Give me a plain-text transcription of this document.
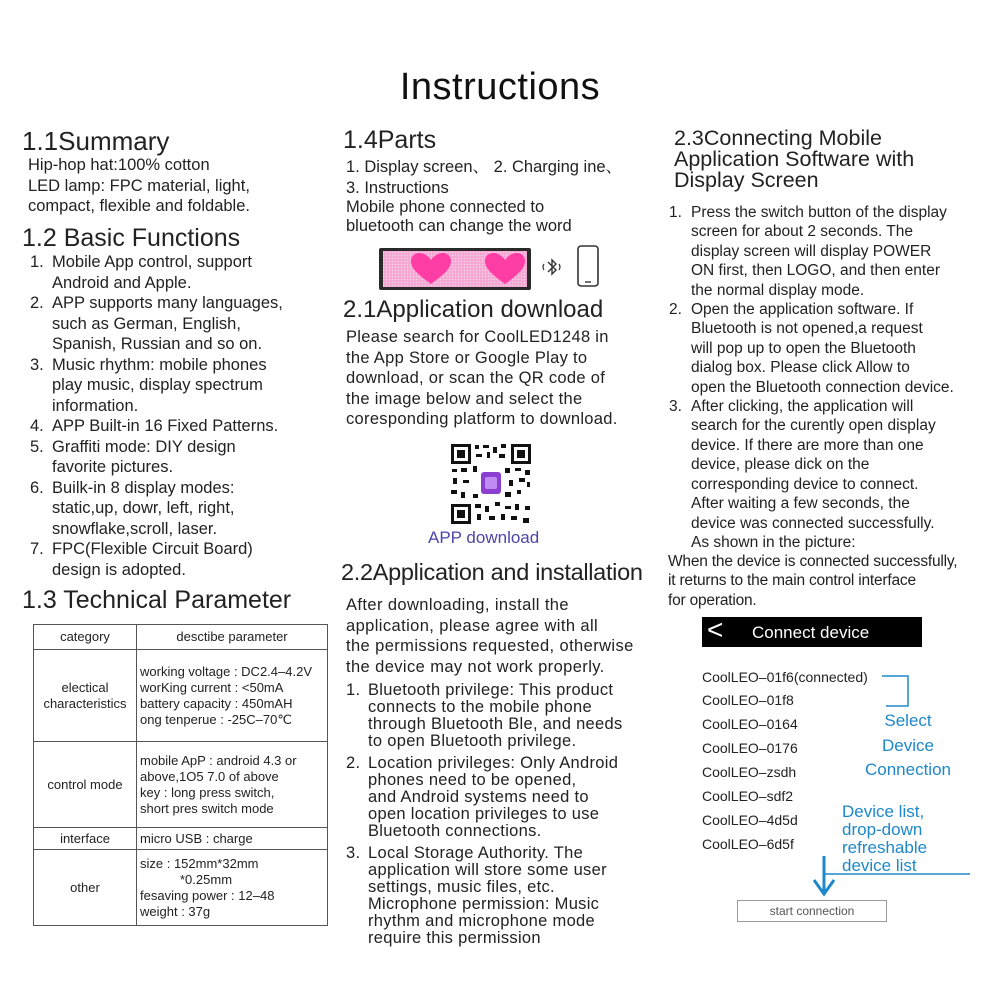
Instructions
1.1Summary
Hip-hop hat:100% cotton
LED lamp: FPC material, light,
compact, flexible and foldable.
1.2 Basic Functions
1. Mobile App control, support
Android and Apple.
2. APP supports many languages,
such as German, English,
Spanish, Russian and so on.
3. Music rhythm: mobile phones
play music, display spectrum
information.
4. APP Built-in 16 Fixed Patterns.
5. Graffiti mode: DIY design
favorite pictures.
6. Builk-in 8 display modes:
static,up, dowr, left, right,
snowflake,scroll, laser.
7. FPC(Flexible Circuit Board)
design is adopted.
1.3 Technical Parameter
category	desctibe parameter
electical characteristics	working voltage : DC2.4–4.2V
worKing current : <50mA
battery capacity : 450mAH
ong tenperue : -25C–70℃

control mode	mobile ApP : android 4.3 or
above,1O5 7.0 of above
key : long press switch,
short pres switch mode

interface	micro USB : charge
other	size : 152mm*32mm
*0.25mm
fesaving power : 12–48
weight : 37g
1.4Parts
1. Display screen、 2. Charging ine、
3. Instructions
Mobile phone connected to
bluetooth can change the word
2.1Application download
Please search for CoolLED1248 in
the App Store or Google Play to
download, or scan the QR code of
the image below and select the
coresponding platform to download.
APP download
2.2Application and installation
After downloading, install the
application, please agree with all
the permissions requested, otherwise
the device may not work properly.
1. Bluetooth privilege: This product
connects to the mobile phone
through Bluetooth Ble, and needs
to open Bluetooth privilege.
2. Location privileges: Only Android
phones need to be opened,
and Android systems need to
open location privileges to use
Bluetooth connections.
3. Local Storage Authority. The
application will store some user
settings, music files, etc.
Microphone permission: Music
rhythm and microphone mode
require this permission
2.3Connecting Mobile
Application Software with
Display Screen
1. Press the switch button of the display
screen for about 2 seconds. The
display screen will display POWER
ON first, then LOGO, and then enter
the normal display mode.
2. Open the application software. If
Bluetooth is not opened,a request
will pop up to open the Bluetooth
dialog box. Please click Allow to
open the Bluetooth connection device.
3. After clicking, the application will
search for the curently open display
device. If there are more than one
device, please dick on the
corresponding device to connect.
After waiting a few seconds, the
device was connected successfully.
As shown in the picture:
When the device is connected successfully,
it returns to the main control interface
for operation.
< Connect device
CoolLEO–01f6(connected)
CoolLEO–01f8
CoolLEO–0164
CoolLEO–0176
CoolLEO–zsdh
CoolLEO–sdf2
CoolLEO–4d5d
CoolLEO–6d5f
Select
Device
Connection
Device list,
drop-down
refreshable
device list
start connection
